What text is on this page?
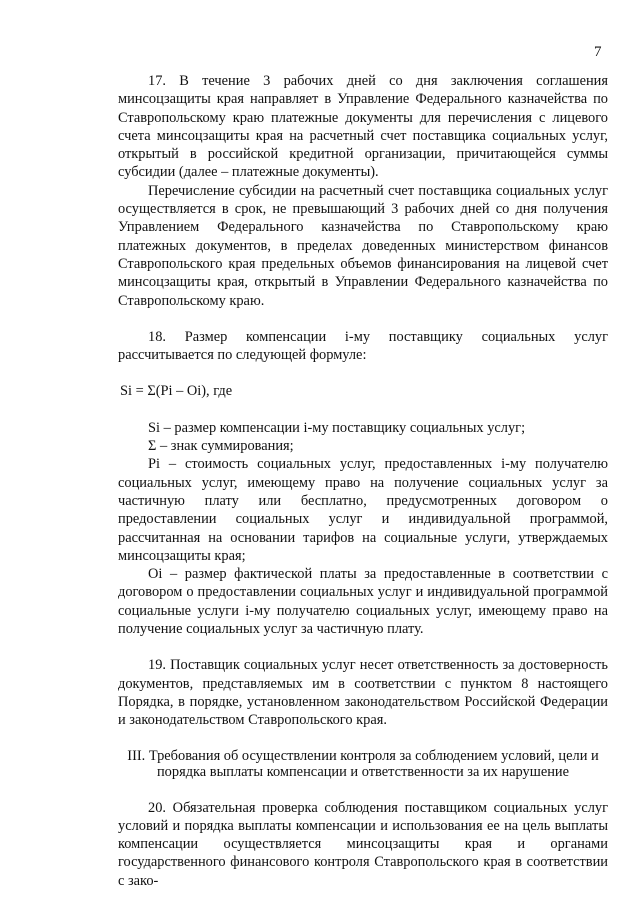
7

17. В течение 3 рабочих дней со дня заключения соглашения минсоцзащиты края направляет в Управление Федерального казначейства по Ставропольскому краю платежные документы для перечисления с лицевого счета минсоцзащиты края на расчетный счет поставщика социальных услуг, открытый в российской кредитной организации, причитающейся суммы субсидии (далее – платежные документы).

Перечисление субсидии на расчетный счет поставщика социальных услуг осуществляется в срок, не превышающий 3 рабочих дней со дня получения Управлением Федерального казначейства по Ставропольскому краю платежных документов, в пределах доведенных министерством финансов Ставропольского края предельных объемов финансирования на лицевой счет минсоцзащиты края, открытый в Управлении Федерального казначейства по Ставропольскому краю.

18. Размер компенсации i-му поставщику социальных услуг рассчитывается по следующей формуле:

Si = Σ(Pi – Oi), где

Si – размер компенсации i-му поставщику социальных услуг;

Σ – знак суммирования;

Pi – стоимость социальных услуг, предоставленных i-му получателю социальных услуг, имеющему право на получение социальных услуг за частичную плату или бесплатно, предусмотренных договором о предоставлении социальных услуг и индивидуальной программой, рассчитанная на основании тарифов на социальные услуги, утверждаемых минсоцзащиты края;

Oi – размер фактической платы за предоставленные в соответствии с договором о предоставлении социальных услуг и индивидуальной программой социальные услуги i-му получателю социальных услуг, имеющему право на получение социальных услуг за частичную плату.

19. Поставщик социальных услуг несет ответственность за достоверность документов, представляемых им в соответствии с пунктом 8 настоящего Порядка, в порядке, установленном законодательством Российской Федерации и законодательством Ставропольского края.

III. Требования об осуществлении контроля за соблюдением условий, цели и порядка выплаты компенсации и ответственности за их нарушение

20. Обязательная проверка соблюдения поставщиком социальных услуг условий и порядка выплаты компенсации и использования ее на цель выплаты компенсации осуществляется минсоцзащиты края и органами государственного финансового контроля Ставропольского края в соответствии с зако-
